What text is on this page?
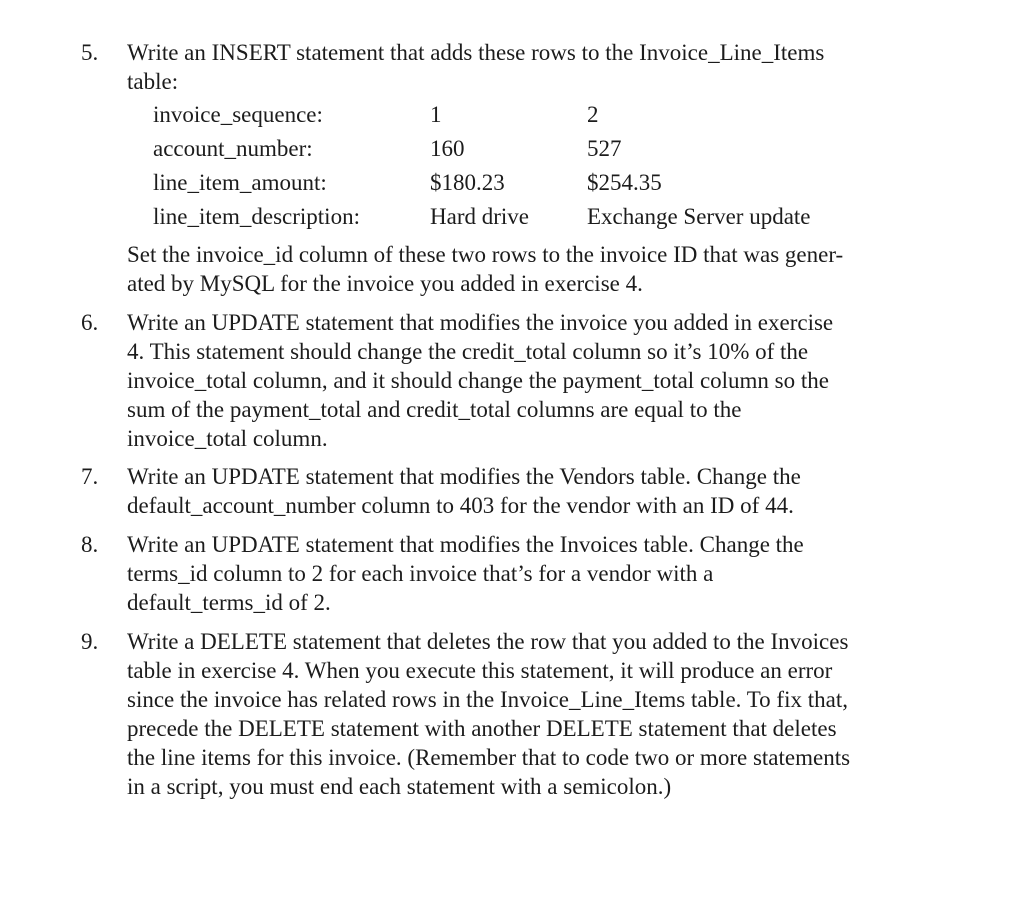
5. Write an INSERT statement that adds these rows to the Invoice_Line_Items
table:
invoice_sequence:	1	2
account_number:	160	527
line_item_amount:	$180.23	$254.35
line_item_description:	Hard drive	Exchange Server update
Set the invoice_id column of these two rows to the invoice ID that was gener-
ated by MySQL for the invoice you added in exercise 4.
6. Write an UPDATE statement that modifies the invoice you added in exercise
4. This statement should change the credit_total column so it’s 10% of the
invoice_total column, and it should change the payment_total column so the
sum of the payment_total and credit_total columns are equal to the
invoice_total column.
7. Write an UPDATE statement that modifies the Vendors table. Change the
default_account_number column to 403 for the vendor with an ID of 44.
8. Write an UPDATE statement that modifies the Invoices table. Change the
terms_id column to 2 for each invoice that’s for a vendor with a
default_terms_id of 2.
9. Write a DELETE statement that deletes the row that you added to the Invoices
table in exercise 4. When you execute this statement, it will produce an error
since the invoice has related rows in the Invoice_Line_Items table. To fix that,
precede the DELETE statement with another DELETE statement that deletes
the line items for this invoice. (Remember that to code two or more statements
in a script, you must end each statement with a semicolon.)
